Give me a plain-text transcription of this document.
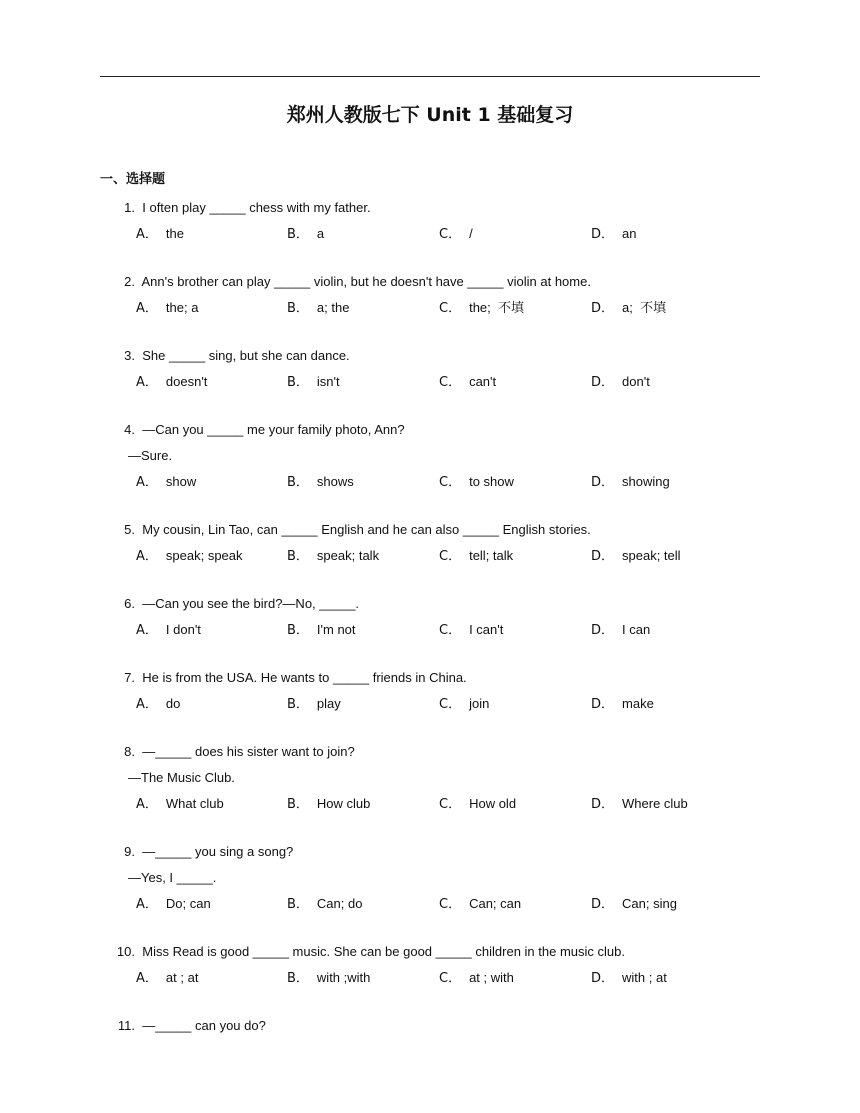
郑州人教版七下 Unit 1 基础复习
一、选择题
1. I often play _____ chess with my father.
A． the	B． a	C． /	D． an
2. Ann's brother can play _____ violin, but he doesn't have _____ violin at home.
A． the; a	B． a; the	C． the;  不填	D． a;  不填
3. She _____ sing, but she can dance.
A． doesn't	B． isn't	C． can't	D． don't
4. —Can you _____ me your family photo, Ann?
—Sure.
A． show	B． shows	C． to show	D． showing
5. My cousin, Lin Tao, can _____ English and he can also _____ English stories.
A． speak; speak	B． speak; talk	C． tell; talk	D． speak; tell
6. —Can you see the bird?—No, _____.
A． I don't	B． I'm not	C． I can't	D． I can
7. He is from the USA. He wants to _____ friends in China.
A． do	B． play	C． join	D． make
8. —_____ does his sister want to join?
—The Music Club.
A． What club	B． How club	C． How old	D． Where club
9. —_____ you sing a song?
—Yes, I _____.
A． Do; can	B． Can; do	C． Can; can	D． Can; sing
10. Miss Read is good _____ music. She can be good _____ children in the music club.
A． at ; at	B． with ;with	C． at ; with	D． with ; at
11. —_____ can you do?
